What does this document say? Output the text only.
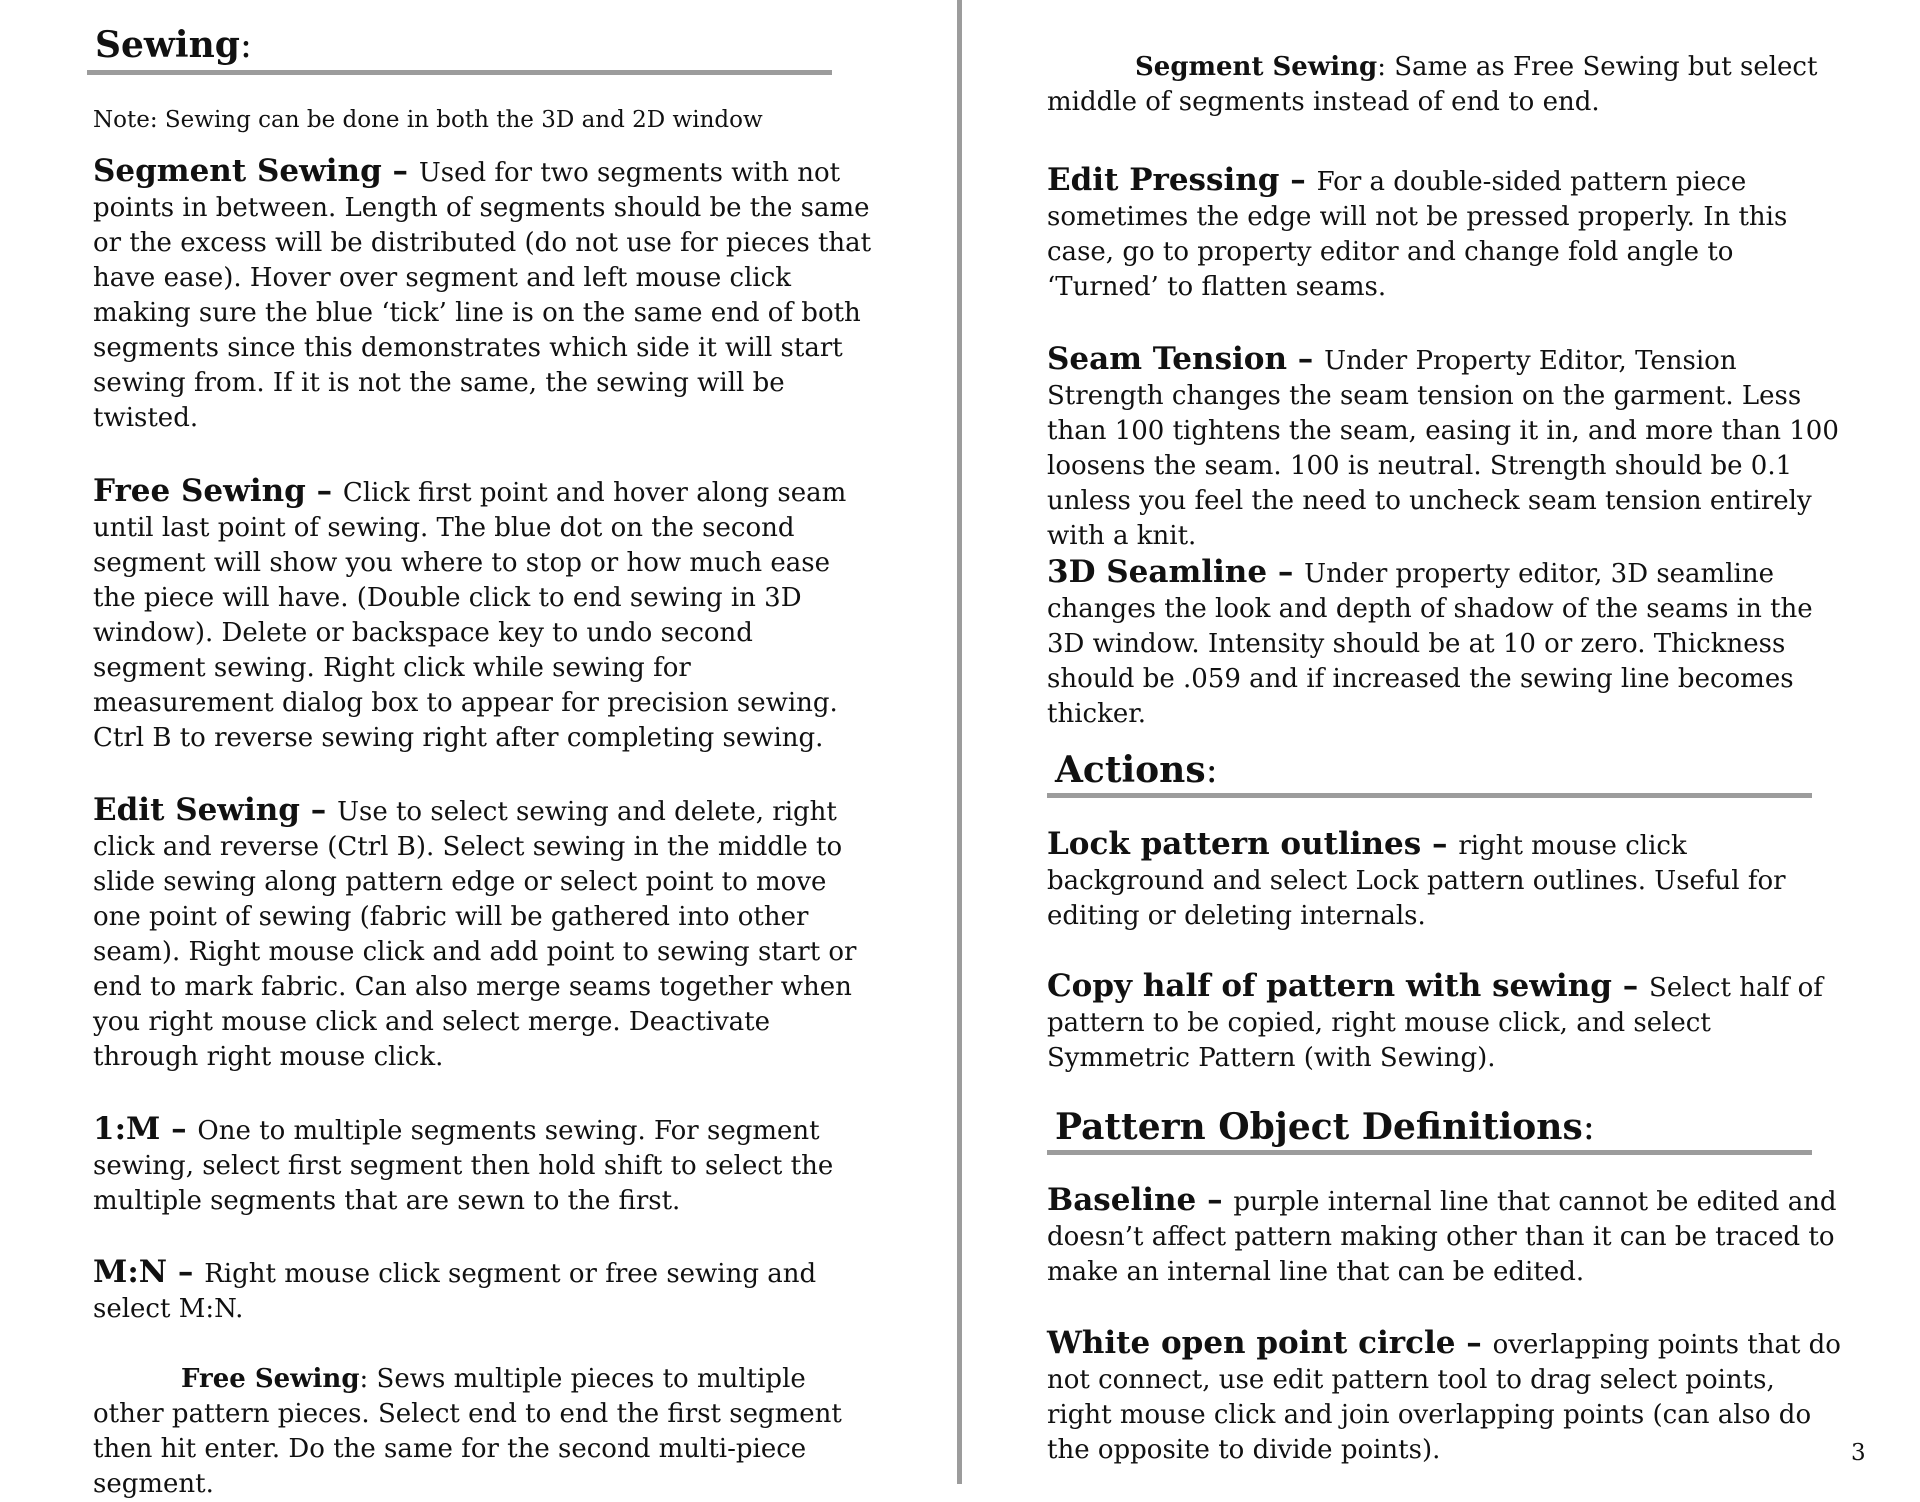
Sewing:
Note: Sewing can be done in both the 3D and 2D window
Segment Sewing – Used for two segments with not points in between. Length of segments should be the same or the excess will be distributed (do not use for pieces that have ease). Hover over segment and left mouse click making sure the blue ‘tick’ line is on the same end of both segments since this demonstrates which side it will start sewing from. If it is not the same, the sewing will be twisted.
Free Sewing – Click first point and hover along seam until last point of sewing. The blue dot on the second segment will show you where to stop or how much ease the piece will have. (Double click to end sewing in 3D window). Delete or backspace key to undo second segment sewing. Right click while sewing for measurement dialog box to appear for precision sewing. Ctrl B to reverse sewing right after completing sewing.
Edit Sewing – Use to select sewing and delete, right click and reverse (Ctrl B). Select sewing in the middle to slide sewing along pattern edge or select point to move one point of sewing (fabric will be gathered into other seam). Right mouse click and add point to sewing start or end to mark fabric. Can also merge seams together when you right mouse click and select merge. Deactivate through right mouse click.
1:M – One to multiple segments sewing. For segment sewing, select first segment then hold shift to select the multiple segments that are sewn to the first.
M:N – Right mouse click segment or free sewing and select M:N.
Free Sewing: Sews multiple pieces to multiple other pattern pieces. Select end to end the first segment then hit enter. Do the same for the second multi-piece segment.
Segment Sewing: Same as Free Sewing but select middle of segments instead of end to end.
Edit Pressing – For a double-sided pattern piece sometimes the edge will not be pressed properly. In this case, go to property editor and change fold angle to ‘Turned’ to flatten seams.
Seam Tension – Under Property Editor, Tension Strength changes the seam tension on the garment. Less than 100 tightens the seam, easing it in, and more than 100 loosens the seam. 100 is neutral. Strength should be 0.1 unless you feel the need to uncheck seam tension entirely with a knit.
3D Seamline – Under property editor, 3D seamline changes the look and depth of shadow of the seams in the 3D window. Intensity should be at 10 or zero. Thickness should be .059 and if increased the sewing line becomes thicker.
Actions:
Lock pattern outlines – right mouse click background and select Lock pattern outlines. Useful for editing or deleting internals.
Copy half of pattern with sewing – Select half of pattern to be copied, right mouse click, and select Symmetric Pattern (with Sewing).
Pattern Object Definitions:
Baseline – purple internal line that cannot be edited and doesn’t affect pattern making other than it can be traced to make an internal line that can be edited.
White open point circle – overlapping points that do not connect, use edit pattern tool to drag select points, right mouse click and join overlapping points (can also do the opposite to divide points).	3
